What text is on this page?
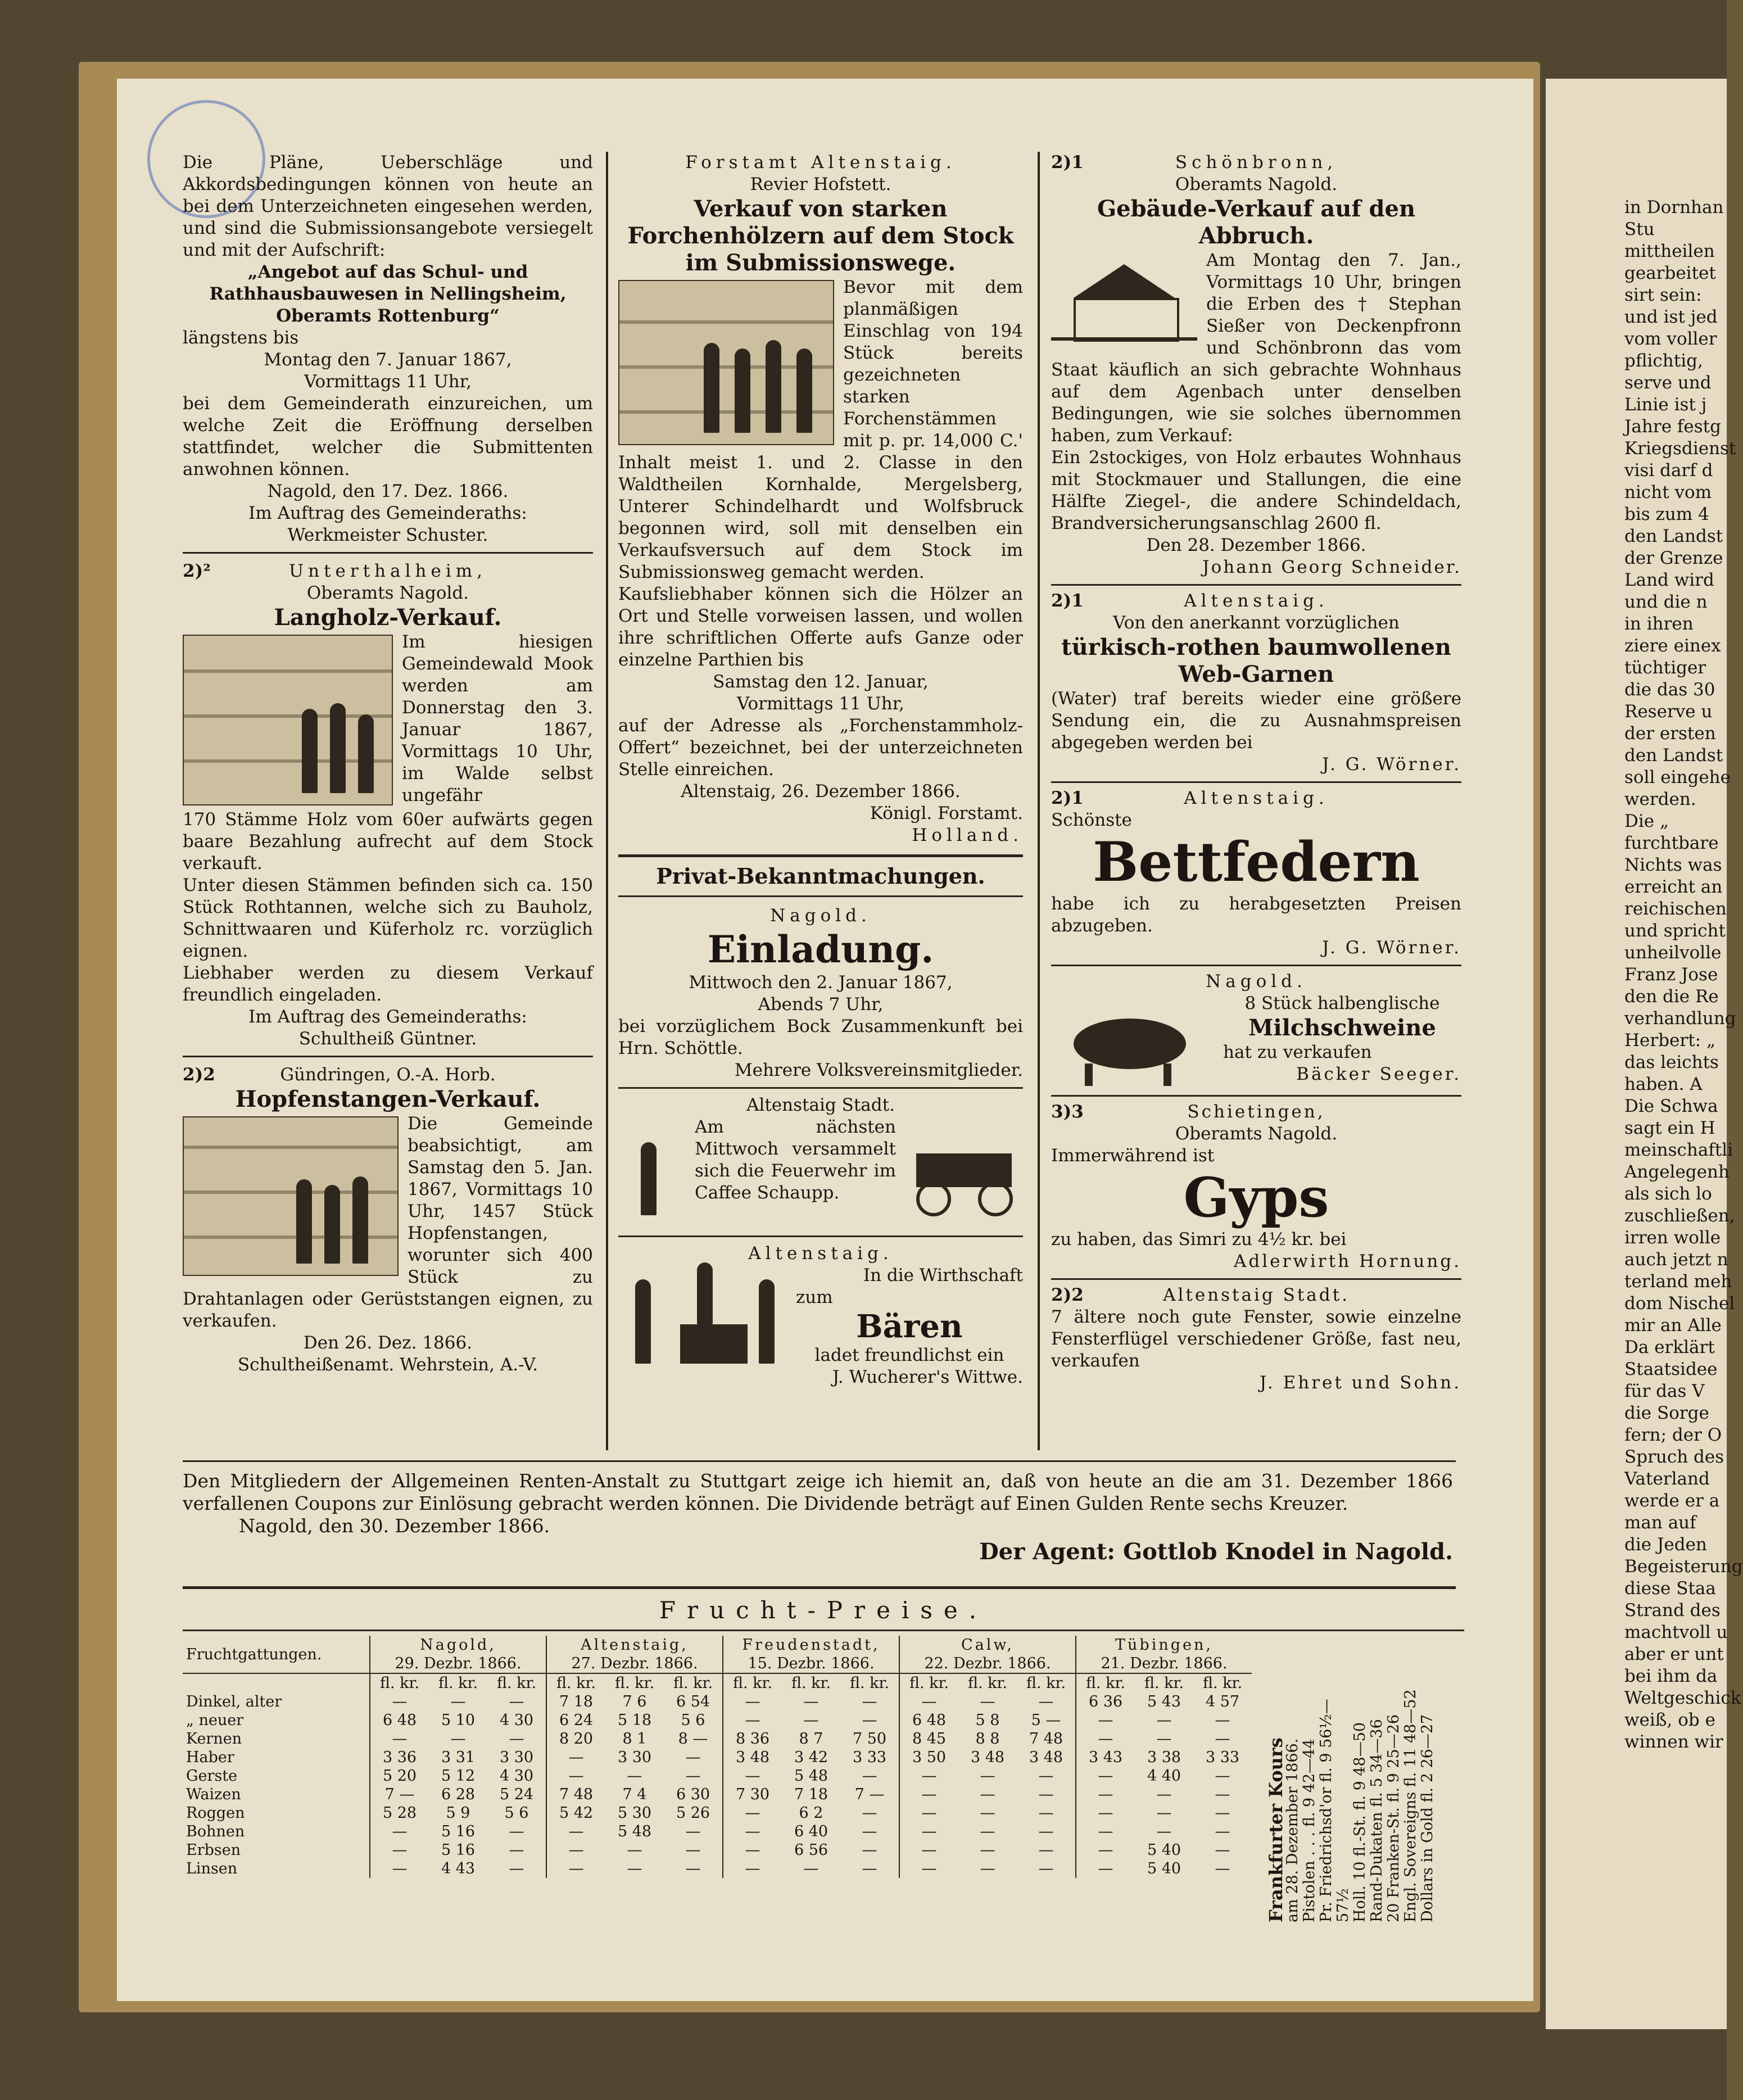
Die Pläne, Ueberschläge und Akkordsbedingungen können von heute an bei dem Unterzeichneten eingesehen werden, und sind die Submissionsangebote versiegelt und mit der Aufschrift:
„Angebot auf das Schul- und Rathhausbauwesen in Nellingsheim, Oberamts Rottenburg“
längstens bis
Montag den 7. Januar 1867,
Vormittags 11 Uhr,
bei dem Gemeinderath einzureichen, um welche Zeit die Eröffnung derselben stattfindet, welcher die Submittenten anwohnen können.
Nagold, den 17. Dez. 1866.
Im Auftrag des Gemeinderaths:
Werkmeister Schuster.
2)²	Unterthalheim,
Oberamts Nagold.
Langholz-Verkauf.
Im hiesigen Gemeindewald Mook werden am Donnerstag den 3. Januar 1867, Vormittags 10 Uhr, im Walde selbst ungefähr
170 Stämme Holz vom 60er aufwärts gegen baare Bezahlung aufrecht auf dem Stock verkauft.
Unter diesen Stämmen befinden sich ca. 150 Stück Rothtannen, welche sich zu Bauholz, Schnittwaaren und Küferholz rc. vorzüglich eignen.
Liebhaber werden zu diesem Verkauf freundlich eingeladen.
Im Auftrag des Gemeinderaths:
Schultheiß Güntner.
2)2	Gündringen, O.-A. Horb.
Hopfenstangen-Verkauf.
Die Gemeinde beabsichtigt, am Samstag den 5. Jan. 1867, Vormittags 10 Uhr, 1457 Stück Hopfenstangen, worunter sich 400 Stück zu Drahtanlagen oder Gerüststangen eignen, zu verkaufen.
Den 26. Dez. 1866.
Schultheißenamt. Wehrstein, A.-V.
Forstamt Altenstaig.
Revier Hofstett.
Verkauf von starken Forchenhölzern auf dem Stock im Submissionswege.
Bevor mit dem planmäßigen Einschlag von 194 Stück bereits gezeichneten starken Forchenstämmen mit p. pr. 14,000 C.' Inhalt meist 1. und 2. Classe in den Waldtheilen Kornhalde, Mergelsberg, Unterer Schindelhardt und Wolfsbruck begonnen wird, soll mit denselben ein Verkaufsversuch auf dem Stock im Submissionsweg gemacht werden.
Kaufsliebhaber können sich die Hölzer an Ort und Stelle vorweisen lassen, und wollen ihre schriftlichen Offerte aufs Ganze oder einzelne Parthien bis
Samstag den 12. Januar,
Vormittags 11 Uhr,
auf der Adresse als „Forchenstammholz-Offert“ bezeichnet, bei der unterzeichneten Stelle einreichen.
Altenstaig, 26. Dezember 1866.
Königl. Forstamt.
Holland.
Privat-Bekanntmachungen.
Nagold.
Einladung.
Mittwoch den 2. Januar 1867,
Abends 7 Uhr,
bei vorzüglichem Bock Zusammenkunft bei Hrn. Schöttle.
Mehrere Volksvereinsmitglieder.
Altenstaig Stadt.
Am nächsten Mittwoch versammelt sich die Feuerwehr im Caffee Schaupp.
Altenstaig.
In die Wirthschaft
zum
Bären
ladet freundlichst ein
J. Wucherer's Wittwe.
2)1	Schönbronn,
Oberamts Nagold.
Gebäude-Verkauf auf den Abbruch.
Am Montag den 7. Jan., Vormittags 10 Uhr, bringen die Erben des † Stephan Sießer von Deckenpfronn und Schönbronn das vom Staat käuflich an sich gebrachte Wohnhaus auf dem Agenbach unter denselben Bedingungen, wie sie solches übernommen haben, zum Verkauf:
Ein 2stockiges, von Holz erbautes Wohnhaus mit Stockmauer und Stallungen, die eine Hälfte Ziegel-, die andere Schindeldach, Brandversicherungsanschlag 2600 fl.
Den 28. Dezember 1866.
Johann Georg Schneider.
2)1	Altenstaig.
Von den anerkannt vorzüglichen
türkisch-rothen baumwollenen Web-Garnen
(Water) traf bereits wieder eine größere Sendung ein, die zu Ausnahmspreisen abgegeben werden bei
J. G. Wörner.
2)1	Altenstaig.
Schönste
Bettfedern
habe ich zu herabgesetzten Preisen abzugeben.
J. G. Wörner.
Nagold.
8 Stück halbenglische
Milchschweine
hat zu verkaufen
Bäcker Seeger.
3)3	Schietingen,
Oberamts Nagold.
Immerwährend ist
Gyps
zu haben, das Simri zu 4½ kr. bei
Adlerwirth Hornung.
2)2	Altenstaig Stadt.
7 ältere noch gute Fenster, sowie einzelne Fensterflügel verschiedener Größe, fast neu, verkaufen
J. Ehret und Sohn.
Den Mitgliedern der Allgemeinen Renten-Anstalt zu Stuttgart zeige ich hiemit an, daß von heute an die am 31. Dezember 1866 verfallenen Coupons zur Einlösung gebracht werden können. Die Dividende beträgt auf Einen Gulden Rente sechs Kreuzer.
Nagold, den 30. Dezember 1866.
Der Agent: Gottlob Knodel in Nagold.
Frucht-Preise.
Fruchtgattungen.	Nagold,			Altenstaig,			Freudenstadt,			Calw,			Tübingen,		
	29. Dezbr. 1866.			27. Dezbr. 1866.			15. Dezbr. 1866.			22. Dezbr. 1866.			21. Dezbr. 1866.		
	fl. kr.	fl. kr.	fl. kr.	fl. kr.	fl. kr.	fl. kr.	fl. kr.	fl. kr.	fl. kr.	fl. kr.	fl. kr.	fl. kr.	fl. kr.	fl. kr.	fl. kr.
Dinkel, alter	—	—	—	7 18	7 6	6 54	—	—	—	—	—	—	6 36	5 43	4 57
„ neuer	6 48	5 10	4 30	6 24	5 18	5 6	—	—	—	6 48	5 8	5 —	—	—	—
Kernen	—	—	—	8 20	8 1	8 —	8 36	8 7	7 50	8 45	8 8	7 48	—	—	—
Haber	3 36	3 31	3 30	—	3 30	—	3 48	3 42	3 33	3 50	3 48	3 48	3 43	3 38	3 33
Gerste	5 20	5 12	4 30	—	—	—	—	5 48	—	—	—	—	—	4 40	—
Waizen	7 —	6 28	5 24	7 48	7 4	6 30	7 30	7 18	7 —	—	—	—	—	—	—
Roggen	5 28	5 9	5 6	5 42	5 30	5 26	—	6 2	—	—	—	—	—	—	—
Bohnen	—	5 16	—	—	5 48	—	—	6 40	—	—	—	—	—	—	—
Erbsen	—	5 16	—	—	—	—	—	6 56	—	—	—	—	—	5 40	—
Linsen	—	4 43	—	—	—	—	—	—	—	—	—	—	—	5 40	— Frankfurter Kours
am 28. Dezember 1866. Pistolen . . . fl. 9 42—44 Pr. Friedrichsd'or fl. 9 56½—57½ Holl. 10 fl.-St. fl. 9 48—50 Rand-Dukaten fl. 5 34—36 20 Franken-St. fl. 9 25—26 Engl. Sovereigns fl. 11 48—52 Dollars in Gold fl. 2 26—27
in Dornhan
Stu
mittheilen
gearbeitet
sirt sein:
und ist jed
vom voller
pflichtig,
serve und
Linie ist j
Jahre festg
Kriegsdienst
visi darf d
nicht vom
bis zum 4
den Landst
der Grenze
Land wird
und die n
in ihren
ziere einex
tüchtiger
die das 30
Reserve u
der ersten
den Landst
soll eingehe
werden.
Die „
furchtbare
Nichts was
erreicht an
reichischen
und spricht
unheilvolle
Franz Jose
den die Re
verhandlung
Herbert: „
das leichts
haben. A
Die Schwa
sagt ein H
meinschaftli
Angelegenh
als sich lo
zuschließen,
irren wolle
auch jetzt n
terland meh
dom Nischel
mir an Alle
Da erklärt
Staatsidee
für das V
die Sorge
fern; der O
Spruch des
Vaterland
werde er a
man auf
die Jeden
Begeisterung
diese Staa
Strand des
machtvoll u
aber er unt
bei ihm da
Weltgeschick
weiß, ob e
winnen wir
